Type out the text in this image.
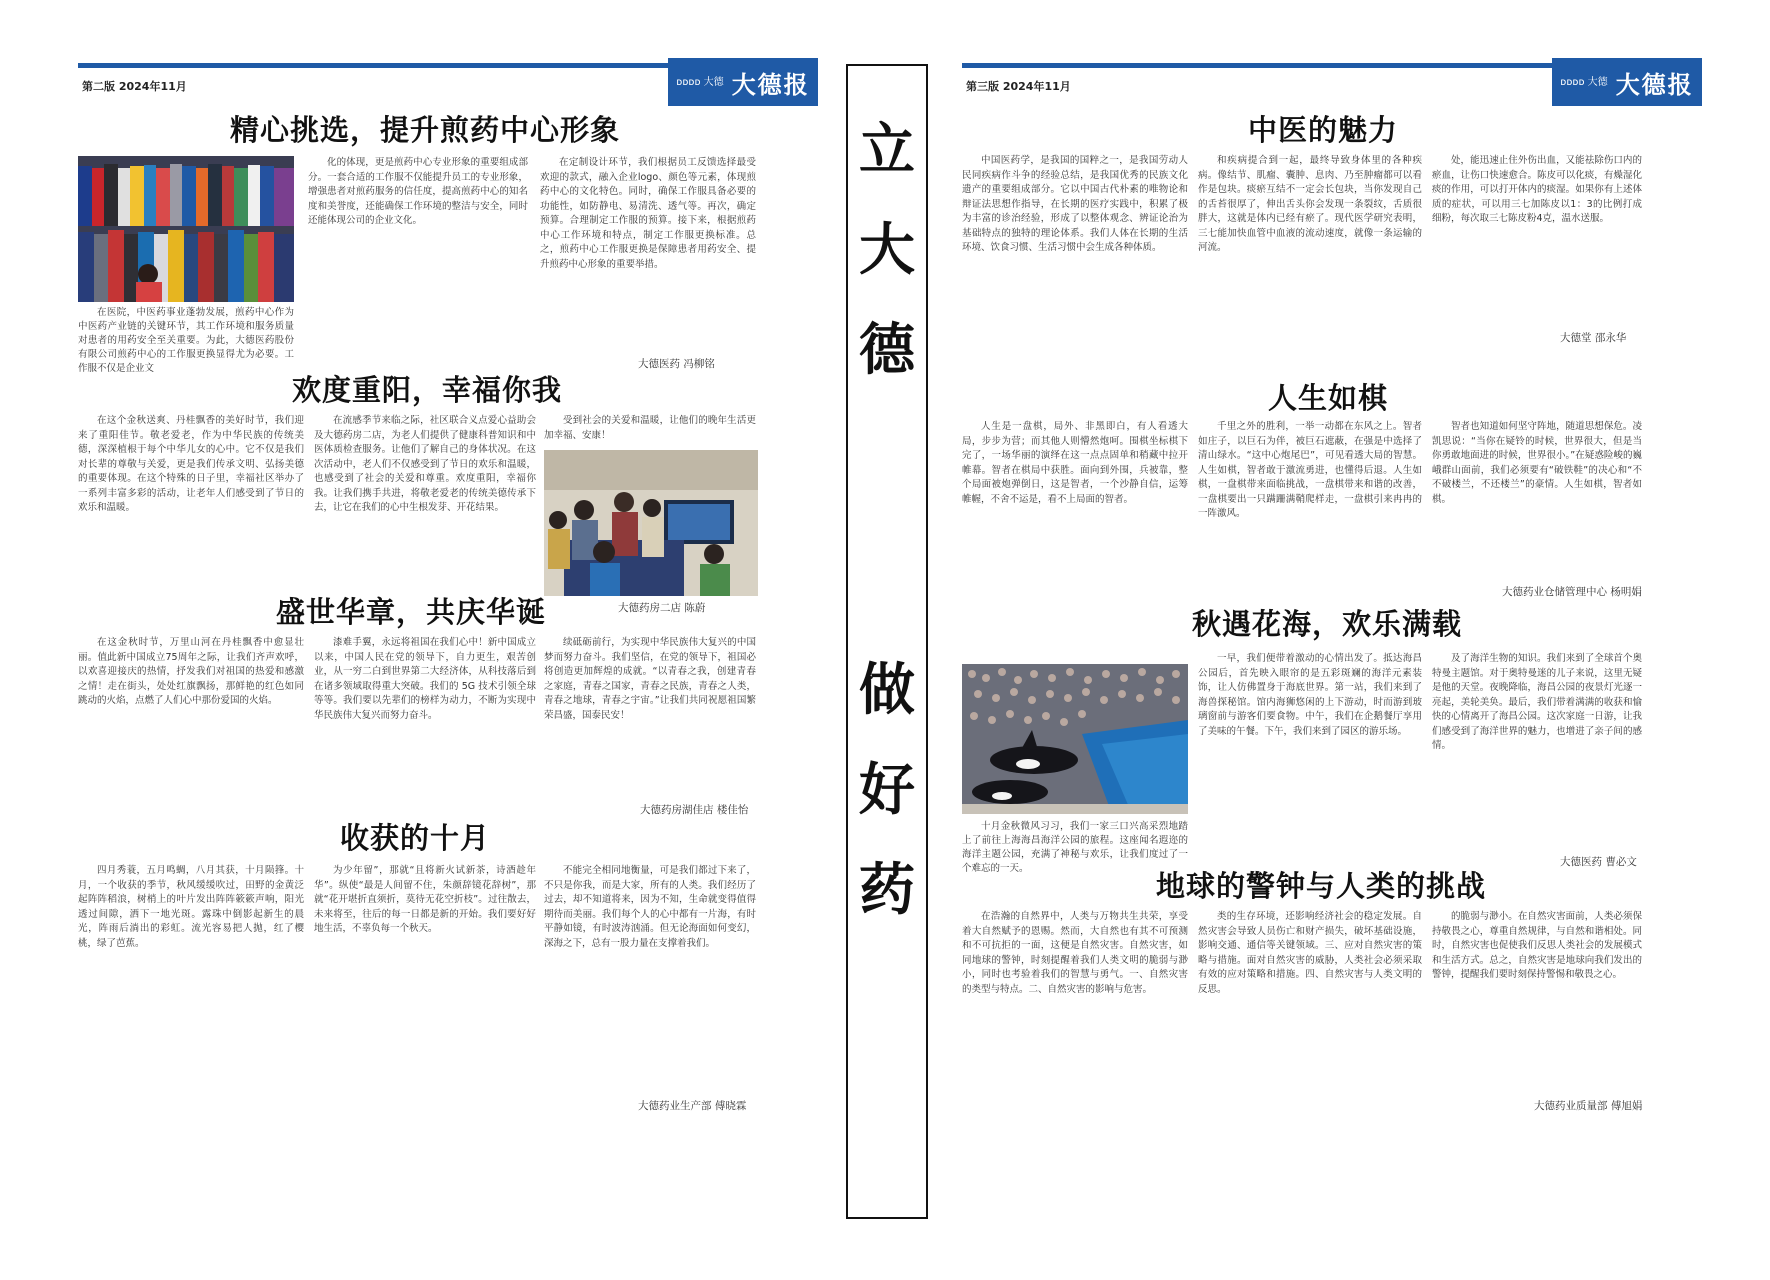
第二版 2024年11月	ᴅᴅᴅᴅ 大德 大德报
精心挑选，提升煎药中心形象
在医院，中医药事业蓬勃发展，煎药中心作为中医药产业链的关键环节，其工作环境和服务质量对患者的用药安全至关重要。为此，大德医药股份有限公司煎药中心的工作服更换显得尤为必要。工作服不仅是企业文
化的体现，更是煎药中心专业形象的重要组成部分。一套合适的工作服不仅能提升员工的专业形象，增强患者对煎药服务的信任度，提高煎药中心的知名度和美誉度，还能确保工作环境的整洁与安全，同时还能体现公司的企业文化。
在定制设计环节，我们根据员工反馈选择最受欢迎的款式，融入企业logo、颜色等元素，体现煎药中心的文化特色。同时，确保工作服具备必要的功能性，如防静电、易清洗、透气等。再次，确定预算。合理制定工作服的预算。接下来，根据煎药中心工作环境和特点，制定工作服更换标准。总之，煎药中心工作服更换是保障患者用药安全、提升煎药中心形象的重要举措。
大德医药 冯柳铭
欢度重阳，幸福你我
在这个金秋送爽、丹桂飘香的美好时节，我们迎来了重阳佳节。敬老爱老，作为中华民族的传统美德，深深植根于每个中华儿女的心中。它不仅是我们对长辈的尊敬与关爱，更是我们传承文明、弘扬美德的重要体现。在这个特殊的日子里，幸福社区举办了一系列丰富多彩的活动，让老年人们感受到了节日的欢乐和温暖。
在流感季节来临之际，社区联合义点爱心益助会及大德药房二店，为老人们提供了健康科普知识和中医体质检查服务。让他们了解自己的身体状况。在这次活动中，老人们不仅感受到了节日的欢乐和温暖，也感受到了社会的关爱和尊重。欢度重阳，幸福你我。让我们携手共进，将敬老爱老的传统美德传承下去，让它在我们的心中生根发芽、开花结果。
受到社会的关爱和温暖，让他们的晚年生活更加幸福、安康！
大德药房二店 陈蔚
盛世华章，共庆华诞
在这金秋时节，万里山河在丹桂飘香中愈显壮丽。值此新中国成立75周年之际，让我们齐声欢呼，以欢喜迎接庆的热情，抒发我们对祖国的热爱和感激之情！走在街头，处处红旗飘扬，那鲜艳的红色如同跳动的火焰，点燃了人们心中那份爱国的火焰。
漆难手翼，永远将祖国在我们心中！新中国成立以来，中国人民在党的领导下，自力更生，艰苦创业，从一穷二白到世界第二大经济体，从科技落后到在诸多领域取得重大突破。我们的 5G 技术引领全球等等。我们要以先辈们的榜样为动力，不断为实现中华民族伟大复兴而努力奋斗。
续砥砺前行，为实现中华民族伟大复兴的中国梦而努力奋斗。我们坚信，在党的领导下，祖国必将创造更加辉煌的成就。“以青春之我，创建青春之家庭，青春之国家，青春之民族，青春之人类，青春之地球，青春之宇宙。”让我们共同祝愿祖国繁荣昌盛，国泰民安！
大德药房湖佳店 楼佳怡
收获的十月
四月秀蓑，五月鸣蜩，八月其获，十月陨箨。十月，一个收获的季节，秋风缓缓吹过，田野的金黄泛起阵阵稻浪，树梢上的叶片发出阵阵簌簌声响，阳光透过间隙，洒下一地光斑。露珠中倒影起新生的晨光，阵雨后淌出的彩虹。流光容易把人抛，红了樱桃，绿了芭蕉。
为少年留”，那就“且将新火试新茶，诗酒趁年华”。纵使“最是人间留不住，朱颜辞镜花辞树”，那就“花开堪折直须折，莫待无花空折枝”。过往散去，未来将至，往后的每一日都是新的开始。我们要好好地生活，不辜负每一个秋天。
不能完全相同地衡量，可是我们都过下来了，不只是你我，而是大家，所有的人类。我们经历了过去，却不知道将来，因为不知，生命就变得值得期待而美丽。我们每个人的心中都有一片海，有时平静如镜，有时波涛汹涌。但无论海面如何变幻，深海之下，总有一股力量在支撑着我们。
大德药业生产部 傅晓霖
立
大
德
做
好
药
第三版 2024年11月	ᴅᴅᴅᴅ 大德 大德报
中医的魅力
中国医药学，是我国的国粹之一，是我国劳动人民同疾病作斗争的经验总结，是我国优秀的民族文化遗产的重要组成部分。它以中国古代朴素的唯物论和辩证法思想作指导，在长期的医疗实践中，积累了极为丰富的诊治经验，形成了以整体观念、辨证论治为基础特点的独特的理论体系。我们人体在长期的生活环境、饮食习惯、生活习惯中会生成各种体质。
和疾病提合到一起，最终导致身体里的各种疾病。像结节、肌瘤、囊肿、息肉、乃至肿瘤都可以看作是包块。痰瘀互结不一定会长包块，当你发现自己的舌苔很厚了，伸出舌头你会发现一条裂纹，舌质很胖大，这就是体内已经有瘀了。现代医学研究表明，三七能加快血管中血液的流动速度，就像一条运输的河流。
处，能迅速止住外伤出血，又能祛除伤口内的瘀血，让伤口快速愈合。陈皮可以化痰，有燥湿化痰的作用，可以打开体内的痰湿。如果你有上述体质的症状，可以用三七加陈皮以1：3的比例打成细粉，每次取三七陈皮粉4克，温水送服。
大德堂 邵永华
人生如棋
人生是一盘棋，局外、非黑即白，有人看透大局，步步为营；而其他人则懵然炮呵。围棋坐标棋下完了，一场华丽的演绎在这一点点固单和稍藏中拉开帷幕。智者在棋局中获胜。面向到外围，兵被靠，整个局面被炮弹倒日，这是智者，一个沙静自信，运筹帷幄，不舍不运是，看不上局面的智者。
千里之外的胜利，一举一动都在东风之上。智者如庄子，以巨石为伴，被巨石遮蔽，在强是中选择了清山绿水。“这中心炮尾巴”，可见看透大局的智慧。人生如棋，智者敢于激流勇进，也懂得后退。人生如棋，一盘棋带来面临挑战，一盘棋带来和谐的改善，一盘棋要出一只蹒跚满鞘爬样走，一盘棋引来冉冉的一阵激风。
智者也知道如何坚守阵地，随道思想保危。凌凯思说：“当你在疑铃的时候，世界很大，但是当你勇敢地面进的时候，世界很小。”在疑惑险峻的巍峨群山面前，我们必须要有“破铁鞋”的决心和“不不破楼兰，不还楼兰”的豪情。人生如棋，智者如棋。
大德药业仓储管理中心 杨明娟
秋遇花海，欢乐满载
十月金秋微风习习，我们一家三口兴高采烈地踏上了前往上海海昌海洋公园的旅程。这座闻名遐迩的海洋主题公园，充满了神秘与欢乐，让我们度过了一个难忘的一天。
一早，我们便带着激动的心情出发了。抵达海昌公园后，首先映入眼帘的是五彩斑斓的海洋元素装饰，让人仿佛置身于海底世界。第一站，我们来到了海兽探秘馆。馆内海狮悠闲的上下游动，时而游到玻璃窗前与游客们要食物。中午，我们在企鹅餐厅享用了美味的午餐。下午，我们来到了园区的游乐场。
及了海洋生物的知识。我们来到了全球首个奥特曼主题馆。对于奥特曼迷的儿子来说，这里无疑是他的天堂。夜晚降临，海昌公园的夜景灯光逐一亮起，美轮美奂。最后，我们带着满满的收获和愉快的心情离开了海昌公园。这次家庭一日游，让我们感受到了海洋世界的魅力，也增进了亲子间的感情。
大德医药 曹必文
地球的警钟与人类的挑战
在浩瀚的自然界中，人类与万物共生共荣，享受着大自然赋予的恩赐。然而，大自然也有其不可预测和不可抗拒的一面，这便是自然灾害。自然灾害，如同地球的警钟，时刻提醒着我们人类文明的脆弱与渺小，同时也考验着我们的智慧与勇气。一、自然灾害的类型与特点。二、自然灾害的影响与危害。
类的生存环境，还影响经济社会的稳定发展。自然灾害会导致人员伤亡和财产损失，破坏基础设施，影响交通、通信等关键领域。三、应对自然灾害的策略与措施。面对自然灾害的威胁，人类社会必须采取有效的应对策略和措施。四、自然灾害与人类文明的反思。
的脆弱与渺小。在自然灾害面前，人类必须保持敬畏之心，尊重自然规律，与自然和谐相处。同时，自然灾害也促使我们反思人类社会的发展模式和生活方式。总之，自然灾害是地球向我们发出的警钟，提醒我们要时刻保持警惕和敬畏之心。
大德药业质量部 傅旭娟
